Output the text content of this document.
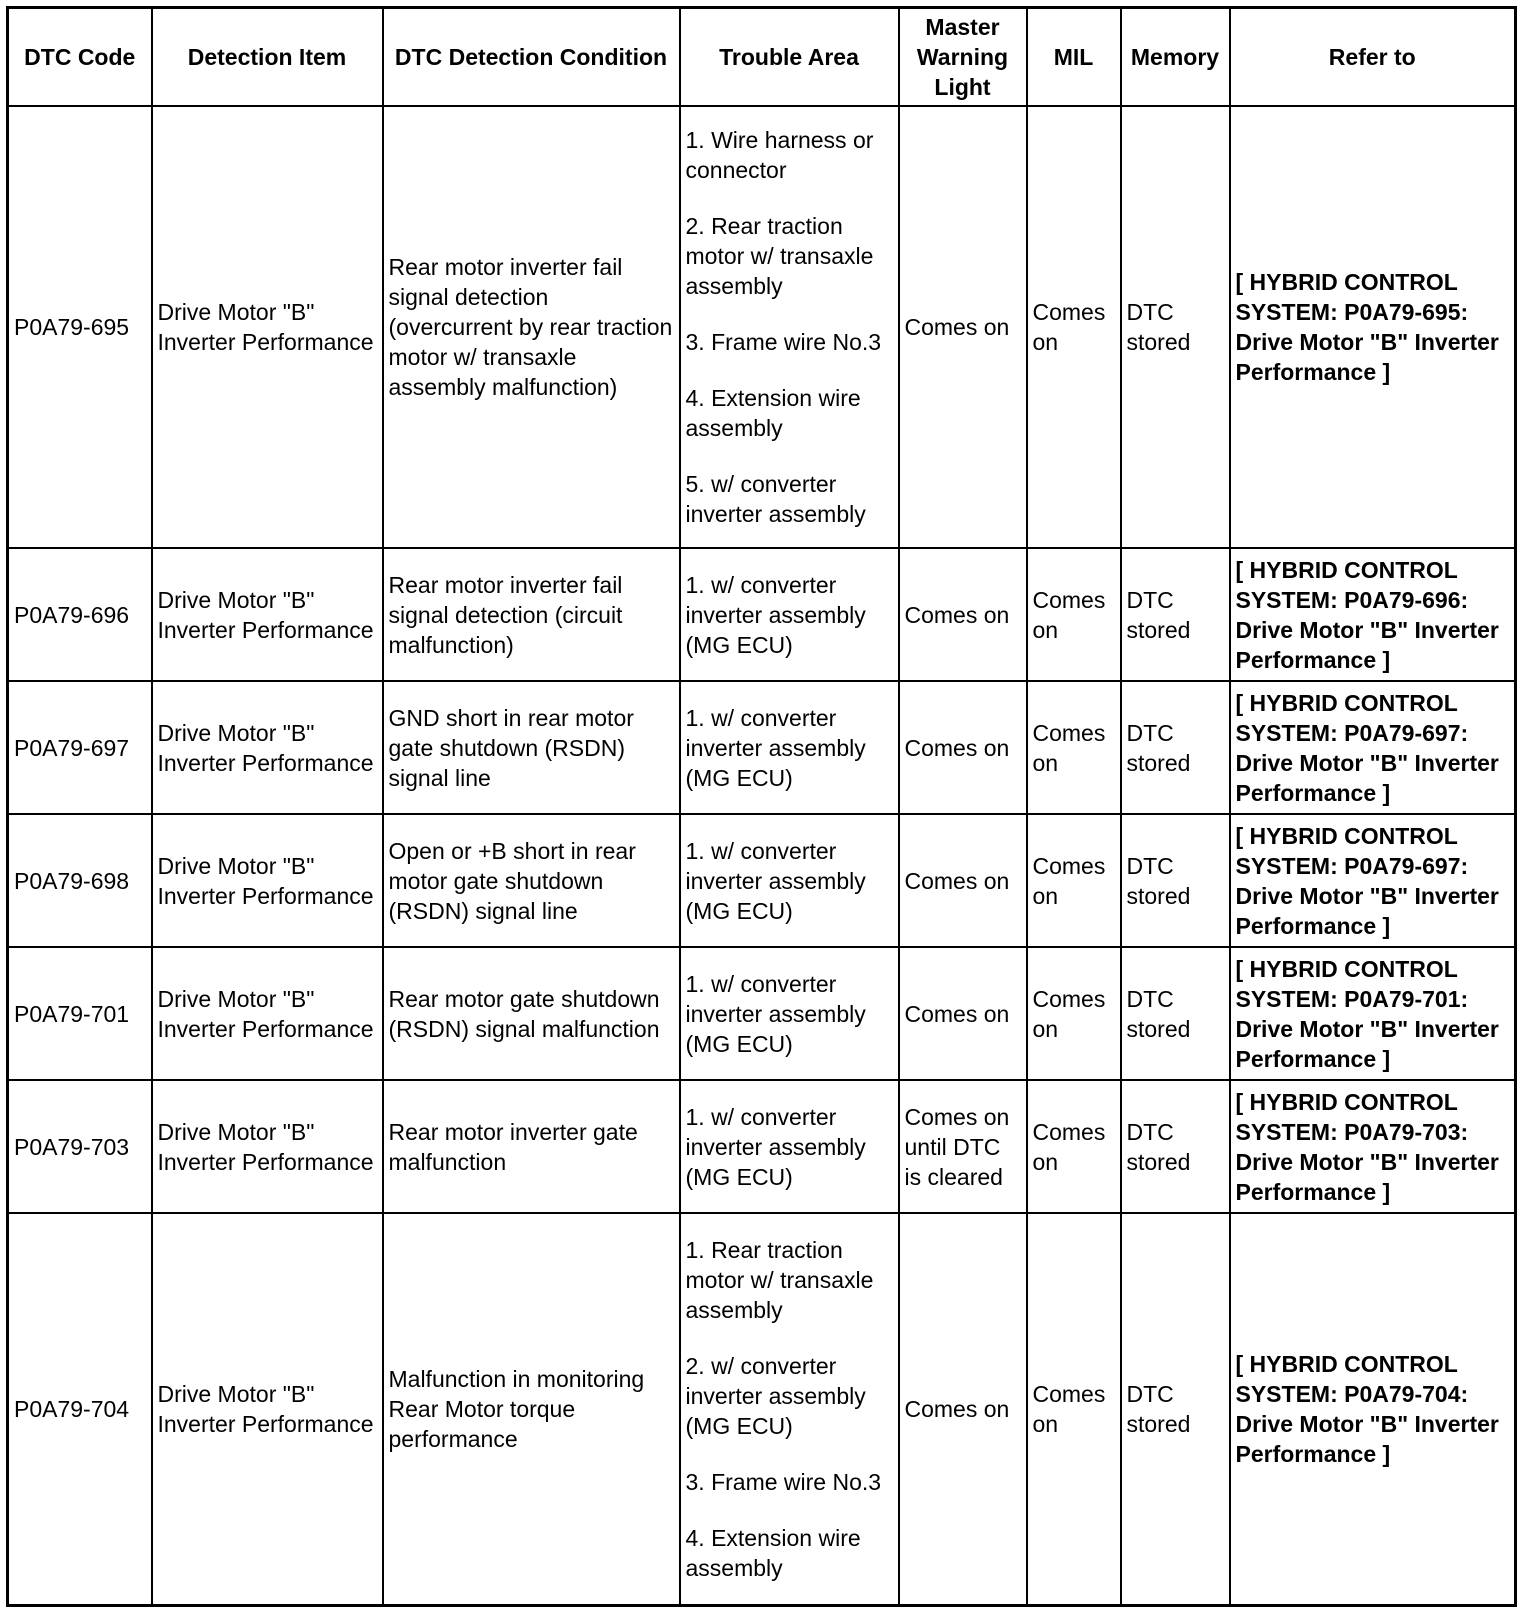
DTC Code	Detection Item	DTC Detection Condition	Trouble Area	Master Warning Light	MIL	Memory	Refer to
P0A79-695	Drive Motor "B" Inverter Performance	Rear motor inverter fail signal detection (overcurrent by rear traction motor w/ transaxle assembly malfunction)	1. Wire harness or connector
2. Rear traction motor w/ transaxle assembly
3. Frame wire No.3
4. Extension wire assembly
5. w/ converter inverter assembly	Comes on	Comes on	DTC stored	[ HYBRID CONTROL SYSTEM: P0A79-695: Drive Motor "B" Inverter Performance ]
P0A79-696	Drive Motor "B" Inverter Performance	Rear motor inverter fail signal detection (circuit malfunction)	1. w/ converter inverter assembly (MG ECU)	Comes on	Comes on	DTC stored	[ HYBRID CONTROL SYSTEM: P0A79-696: Drive Motor "B" Inverter Performance ]
P0A79-697	Drive Motor "B" Inverter Performance	GND short in rear motor gate shutdown (RSDN) signal line	1. w/ converter inverter assembly (MG ECU)	Comes on	Comes on	DTC stored	[ HYBRID CONTROL SYSTEM: P0A79-697: Drive Motor "B" Inverter Performance ]
P0A79-698	Drive Motor "B" Inverter Performance	Open or +B short in rear motor gate shutdown (RSDN) signal line	1. w/ converter inverter assembly (MG ECU)	Comes on	Comes on	DTC stored	[ HYBRID CONTROL SYSTEM: P0A79-697: Drive Motor "B" Inverter Performance ]
P0A79-701	Drive Motor "B" Inverter Performance	Rear motor gate shutdown (RSDN) signal malfunction	1. w/ converter inverter assembly (MG ECU)	Comes on	Comes on	DTC stored	[ HYBRID CONTROL SYSTEM: P0A79-701: Drive Motor "B" Inverter Performance ]
P0A79-703	Drive Motor "B" Inverter Performance	Rear motor inverter gate malfunction	1. w/ converter inverter assembly (MG ECU)	Comes on until DTC is cleared	Comes on	DTC stored	[ HYBRID CONTROL SYSTEM: P0A79-703: Drive Motor "B" Inverter Performance ]
P0A79-704	Drive Motor "B" Inverter Performance	Malfunction in monitoring Rear Motor torque performance	1. Rear traction motor w/ transaxle assembly
2. w/ converter inverter assembly (MG ECU)
3. Frame wire No.3
4. Extension wire assembly	Comes on	Comes on	DTC stored	[ HYBRID CONTROL SYSTEM: P0A79-704: Drive Motor "B" Inverter Performance ]
